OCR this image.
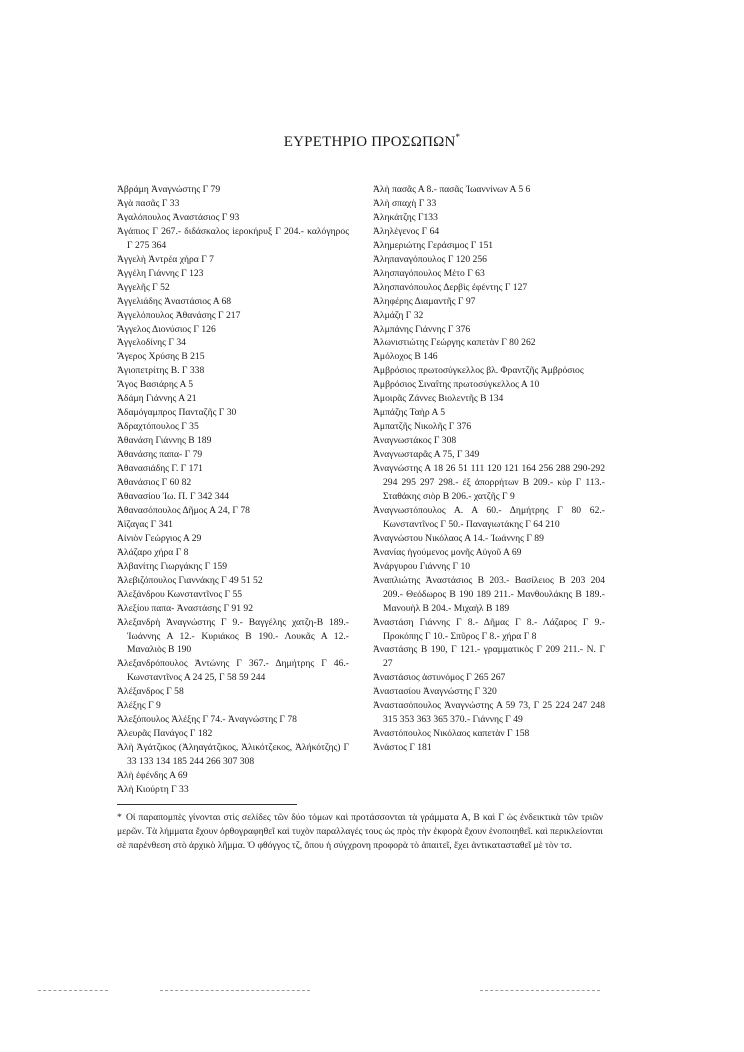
ΕΥΡΕΤΗΡΙΟ ΠΡΟΣΩΠΩΝ*
Ἀβράμη Ἀναγνώστης Γ 79
Ἀγὰ πασᾶς Γ 33
Ἀγαλόπουλος Ἀναστάσιος Γ 93
Ἀγάπιος Γ 267.- διδάσκαλος ἱεροκήρυξ Γ 204.- καλόγηρος Γ 275 364
Ἀγγελὴ Ἀντρέα χήρα Γ 7
Ἀγγέλη Γιάννης Γ 123
Ἀγγελῆς Γ 52
Ἀγγελιάδης Ἀναστάσιος Α 68
Ἀγγελόπουλος Ἀθανάσης Γ 217
Ἄγγελος Διονύσιος Γ 126
Ἀγγελοδίνης Γ 34
Ἄγερος Χρύσης Β 215
Ἀγιοπετρίτης Β. Γ 338
Ἄγος Βασιάρης Α 5
Ἀδάμη Γιάννης Α 21
Ἀδαμόγαμπρος Πανταζῆς Γ 30
Ἀδραχτόπουλος Γ 35
Ἀθανάση Γιάννης Β 189
Ἀθανάσης παπα- Γ 79
Ἀθανασιάδης Γ. Γ 171
Ἀθανάσιος Γ 60 82
Ἀθανασίου Ἰω. Π. Γ 342 344
Ἀθανασόπουλος Δῆμος Α 24, Γ 78
Ἀϊζαγας Γ 341
Αἰνιὸν Γεώργιος Α 29
Ἀλάζαρο χήρα Γ 8
Ἀλβανίτης Γιωργάκης Γ 159
Ἀλεβιζόπουλος Γιαννάκης Γ 49 51 52
Ἀλεξάνδρου Κωνσταντῖνος Γ 55
Ἀλεξίου παπα- Ἀναστάσης Γ 91 92
Ἀλεξανδρὴ Ἀναγνώστης Γ 9.- Βαγγέλης χατζη-Β 189.- Ἰωάννης Α 12.- Κυριάκος Β 190.- Λουκᾶς Α 12.- Μαναλιὸς Β 190
Ἀλεξανδρόπουλος Ἀντώνης Γ 367.- Δημήτρης Γ 46.- Κωνσταντῖνος Α 24 25, Γ 58 59 244
Ἀλέξανδρος Γ 58
Ἀλέξης Γ 9
Ἀλεξόπουλος Ἀλέξης Γ 74.- Ἀναγνώστης Γ 78
Ἀλευρᾶς Πανάγος Γ 182
Ἀλὴ Ἀγάτζικος (Ἀληαγάτζικος, Ἀλικότζεκος, Ἀλήκότζης) Γ 33 133 134 185 244 266 307 308
Ἀλὴ ἐφένδης Α 69
Ἀλὴ Κιούρτη Γ 33
Ἀλὴ πασᾶς Α 8.- πασᾶς Ἰωαννίνων Α 5 6
Ἀλὴ σπαχὴ Γ 33
Ἀληκάτζης Γ133
Ἀληλέγενος Γ 64
Ἀλημεριώτης Γεράσιμος Γ 151
Ἀληπαναγόπουλος Γ 120 256
Ἀλησπαγόπουλος Μέτο Γ 63
Ἀλησπανόπουλος Δερβὶς ἐφέντης Γ 127
Ἀληφέρης Διαμαντῆς Γ 97
Ἀλμάζη Γ 32
Ἀλμπάνης Γιάννης Γ 376
Ἀλωνιστιώτης Γεώργης καπετὰν Γ 80 262
Ἀμόλοχος Β 146
Ἀμβρόσιος πρωτοσύγκελλος βλ. Φραντζῆς Ἀμβρόσιος
Ἀμβρόσιος Σιναΐτης πρωτοσύγκελλος Α 10
Ἀμοιρᾶς Ζάννες Βιολεντῆς Β 134
Ἀμπάζης Ταὴρ Α 5
Ἀμπατζῆς Νικολῆς Γ 376
Ἀναγνωστάκος Γ 308
Ἀναγνωσταρᾶς Α 75, Γ 349
Ἀναγνώστης Α 18 26 51 111 120 121 164 256 288 290-292 294 295 297 298.- ἐξ ἀπορρήτων Β 209.- κὺρ Γ 113.- Σταθάκης σιὸρ Β 206.- χατζῆς Γ 9
Ἀναγνωστόπουλος Α. Α 60.- Δημήτρης Γ 80 62.- Κωνσταντῖνος Γ 50.- Παναγιωτάκης Γ 64 210
Ἀναγνώστου Νικόλαος Α 14.- Ἰωάννης Γ 89
Ἀνανίας ἡγούμενος μονῆς Αὐγοῦ Α 69
Ἀνάργυρου Γιάννης Γ 10
Ἀναπλιώτης Ἀναστάσιος Β 203.- Βασίλειος Β 203 204 209.- Θεόδωρος Β 190 189 211.- Μανθουλάκης Β 189.- Μανουὴλ Β 204.- Μιχαὴλ Β 189
Ἀναστάση Γιάννης Γ 8.- Δῆμας Γ 8.- Λάζαρος Γ 9.- Προκόπης Γ 10.- Σπῦρος Γ 8.- χήρα Γ 8
Ἀναστάσης Β 190, Γ 121.- γραμματικὸς Γ 209 211.- Ν. Γ 27
Ἀναστάσιος ἀστυνόμος Γ 265 267
Ἀναστασίου Ἀναγνώστης Γ 320
Ἀναστασόπουλος Ἀναγνώστης Α 59 73, Γ 25 224 247 248 315 353 363 365 370.- Γιάννης Γ 49
Ἀναστόπουλος Νικόλαος καπετὰν Γ 158
Ἀνάστος Γ 181
* Οἱ παραπομπὲς γίνονται στὶς σελίδες τῶν δύο τόμων καὶ προτάσσονται τὰ γράμματα Α, Β καὶ Γ ὡς ἐνδεικτικὰ τῶν τριῶν μερῶν. Τὰ λήμματα ἔχουν ὀρθογραφηθεῖ καὶ τυχὸν παραλλαγές τους ὡς πρὸς τὴν ἐκφορὰ ἔχουν ἑνοποιηθεῖ. καὶ περικλείονται σὲ παρένθεση στὸ ἀρχικὸ λῆμμα. Ὁ φθόγγος τζ, ὅπου ἡ σύγχρονη προφορὰ τὸ ἀπαιτεῖ, ἔχει ἀντικατασταθεῖ μὲ τὸν τσ.
